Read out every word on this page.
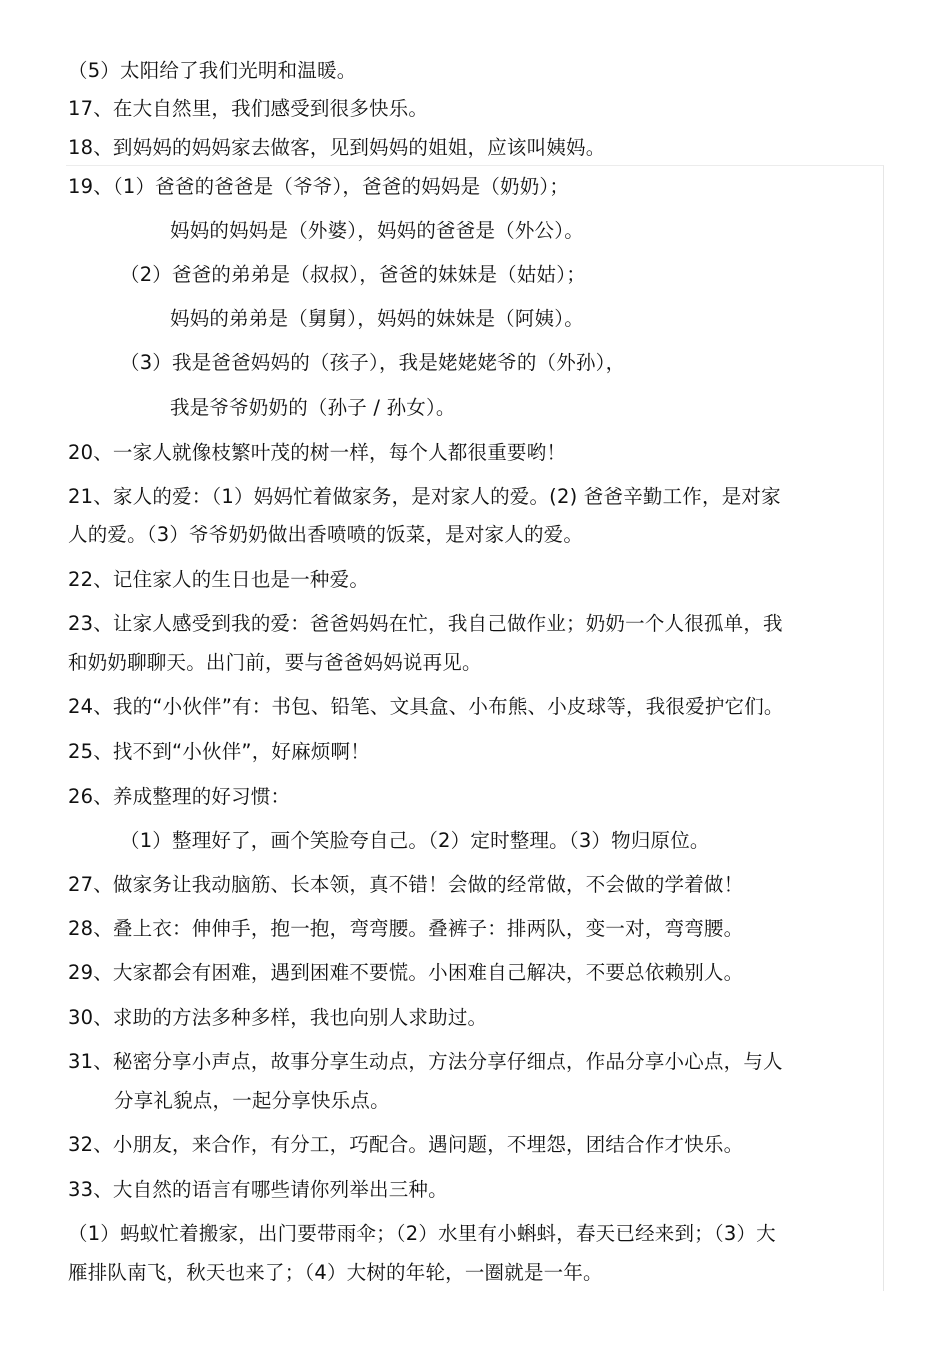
（5）太阳给了我们光明和温暖。
17、在大自然里，我们感受到很多快乐。
18、到妈妈的妈妈家去做客，见到妈妈的姐姐，应该叫姨妈。
19、（1）爸爸的爸爸是（爷爷），爸爸的妈妈是（奶奶）；
妈妈的妈妈是（外婆），妈妈的爸爸是（外公）。
（2）爸爸的弟弟是（叔叔），爸爸的妹妹是（姑姑）；
妈妈的弟弟是（舅舅），妈妈的妹妹是（阿姨）。
（3）我是爸爸妈妈的（孩子），我是姥姥姥爷的（外孙），
我是爷爷奶奶的（孙子 / 孙女）。
20、一家人就像枝繁叶茂的树一样，每个人都很重要哟！
21、家人的爱：（1）妈妈忙着做家务，是对家人的爱。(2) 爸爸辛勤工作，是对家
人的爱。（3）爷爷奶奶做出香喷喷的饭菜，是对家人的爱。
22、记住家人的生日也是一种爱。
23、让家人感受到我的爱：爸爸妈妈在忙，我自己做作业；奶奶一个人很孤单，我
和奶奶聊聊天。出门前，要与爸爸妈妈说再见。
24、我的“小伙伴”有：书包、铅笔、文具盒、小布熊、小皮球等，我很爱护它们。
25、找不到“小伙伴”，好麻烦啊！
26、养成整理的好习惯：
（1）整理好了，画个笑脸夸自己。（2）定时整理。（3）物归原位。
27、做家务让我动脑筋、长本领，真不错！会做的经常做，不会做的学着做！
28、叠上衣：伸伸手，抱一抱，弯弯腰。叠裤子：排两队，变一对，弯弯腰。
29、大家都会有困难，遇到困难不要慌。小困难自己解决，不要总依赖别人。
30、求助的方法多种多样，我也向别人求助过。
31、秘密分享小声点，故事分享生动点，方法分享仔细点，作品分享小心点，与人
分享礼貌点，一起分享快乐点。
32、小朋友，来合作，有分工，巧配合。遇问题，不埋怨，团结合作才快乐。
33、大自然的语言有哪些请你列举出三种。
（1）蚂蚁忙着搬家，出门要带雨伞；（2）水里有小蝌蚪，春天已经来到；（3）大
雁排队南飞，秋天也来了；（4）大树的年轮，一圈就是一年。
